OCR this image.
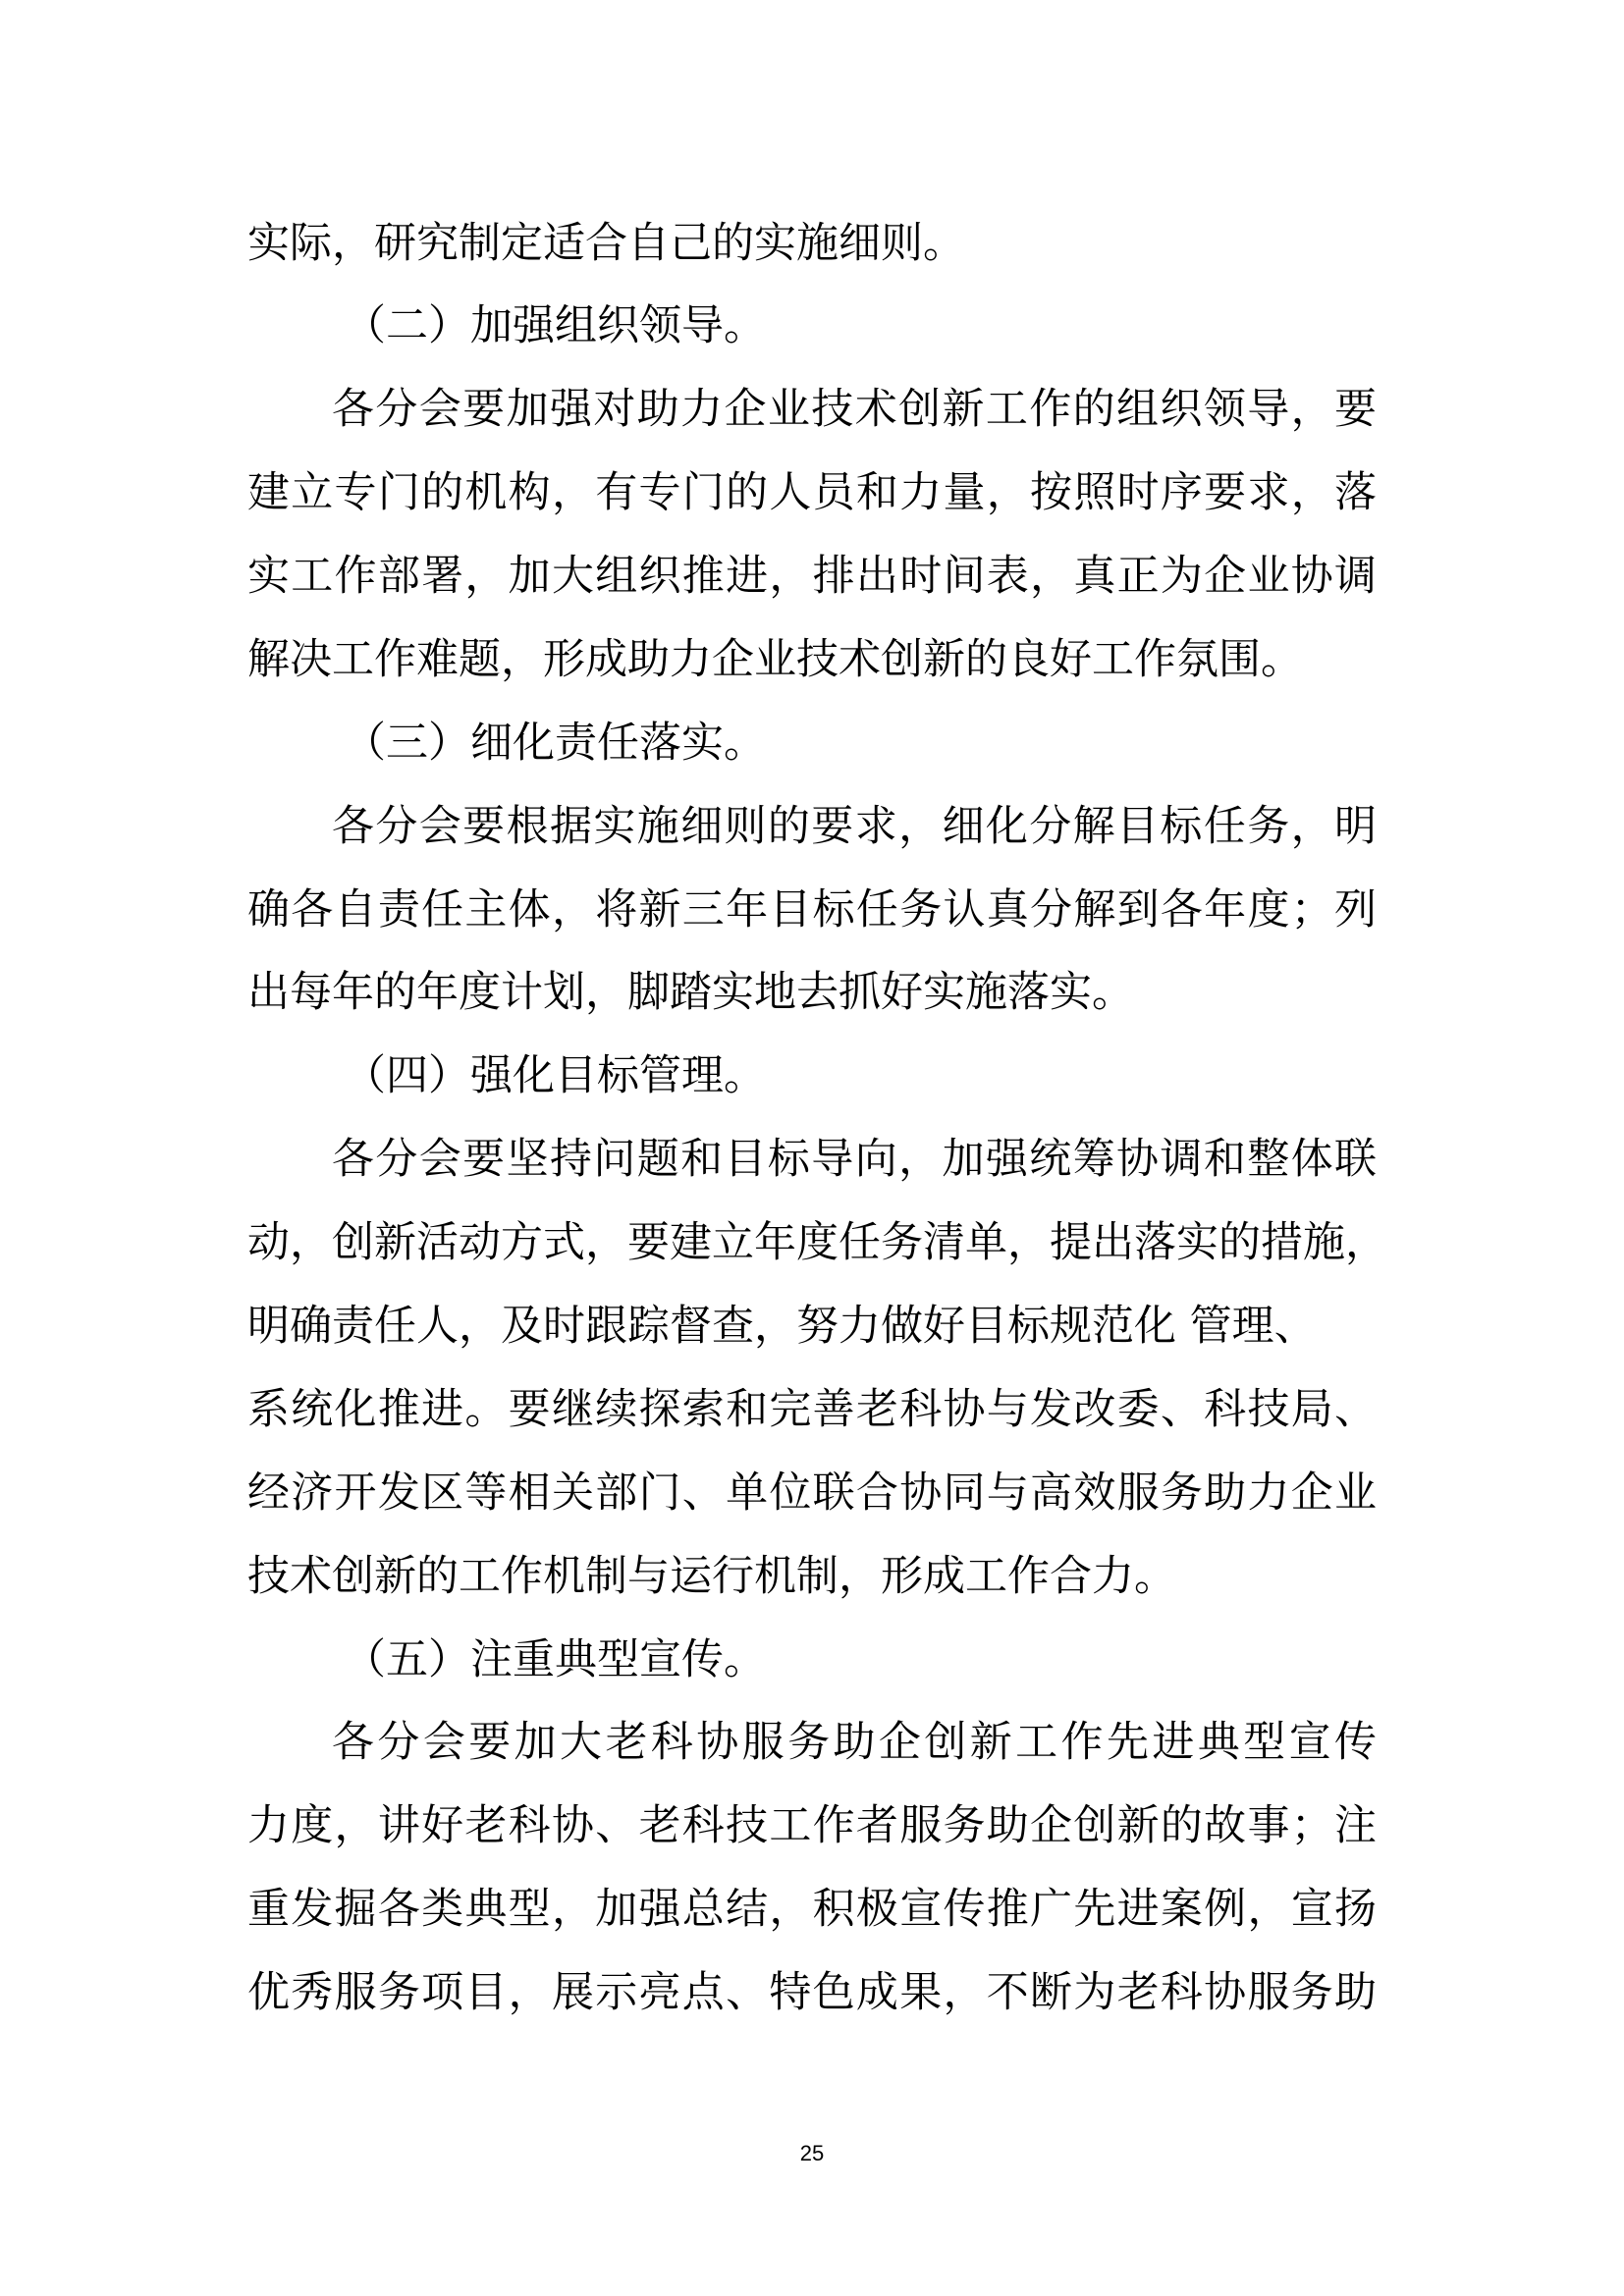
实际，研究制定适合自己的实施细则。
（二）加强组织领导。
各分会要加强对助力企业技术创新工作的组织领导，要
建立专门的机构，有专门的人员和力量，按照时序要求，落
实工作部署，加大组织推进，排出时间表，真正为企业协调
解决工作难题，形成助力企业技术创新的良好工作氛围。
（三）细化责任落实。
各分会要根据实施细则的要求，细化分解目标任务，明
确各自责任主体，将新三年目标任务认真分解到各年度；列
出每年的年度计划，脚踏实地去抓好实施落实。
（四）强化目标管理。
各分会要坚持问题和目标导向，加强统筹协调和整体联
动，创新活动方式，要建立年度任务清单，提出落实的措施，
明确责任人，及时跟踪督查，努力做好目标规范化 管理、
系统化推进。要继续探索和完善老科协与发改委、科技局、
经济开发区等相关部门、单位联合协同与高效服务助力企业
技术创新的工作机制与运行机制，形成工作合力。
（五）注重典型宣传。
各分会要加大老科协服务助企创新工作先进典型宣传
力度，讲好老科协、老科技工作者服务助企创新的故事；注
重发掘各类典型，加强总结，积极宣传推广先进案例，宣扬
优秀服务项目，展示亮点、特色成果，不断为老科协服务助
25
